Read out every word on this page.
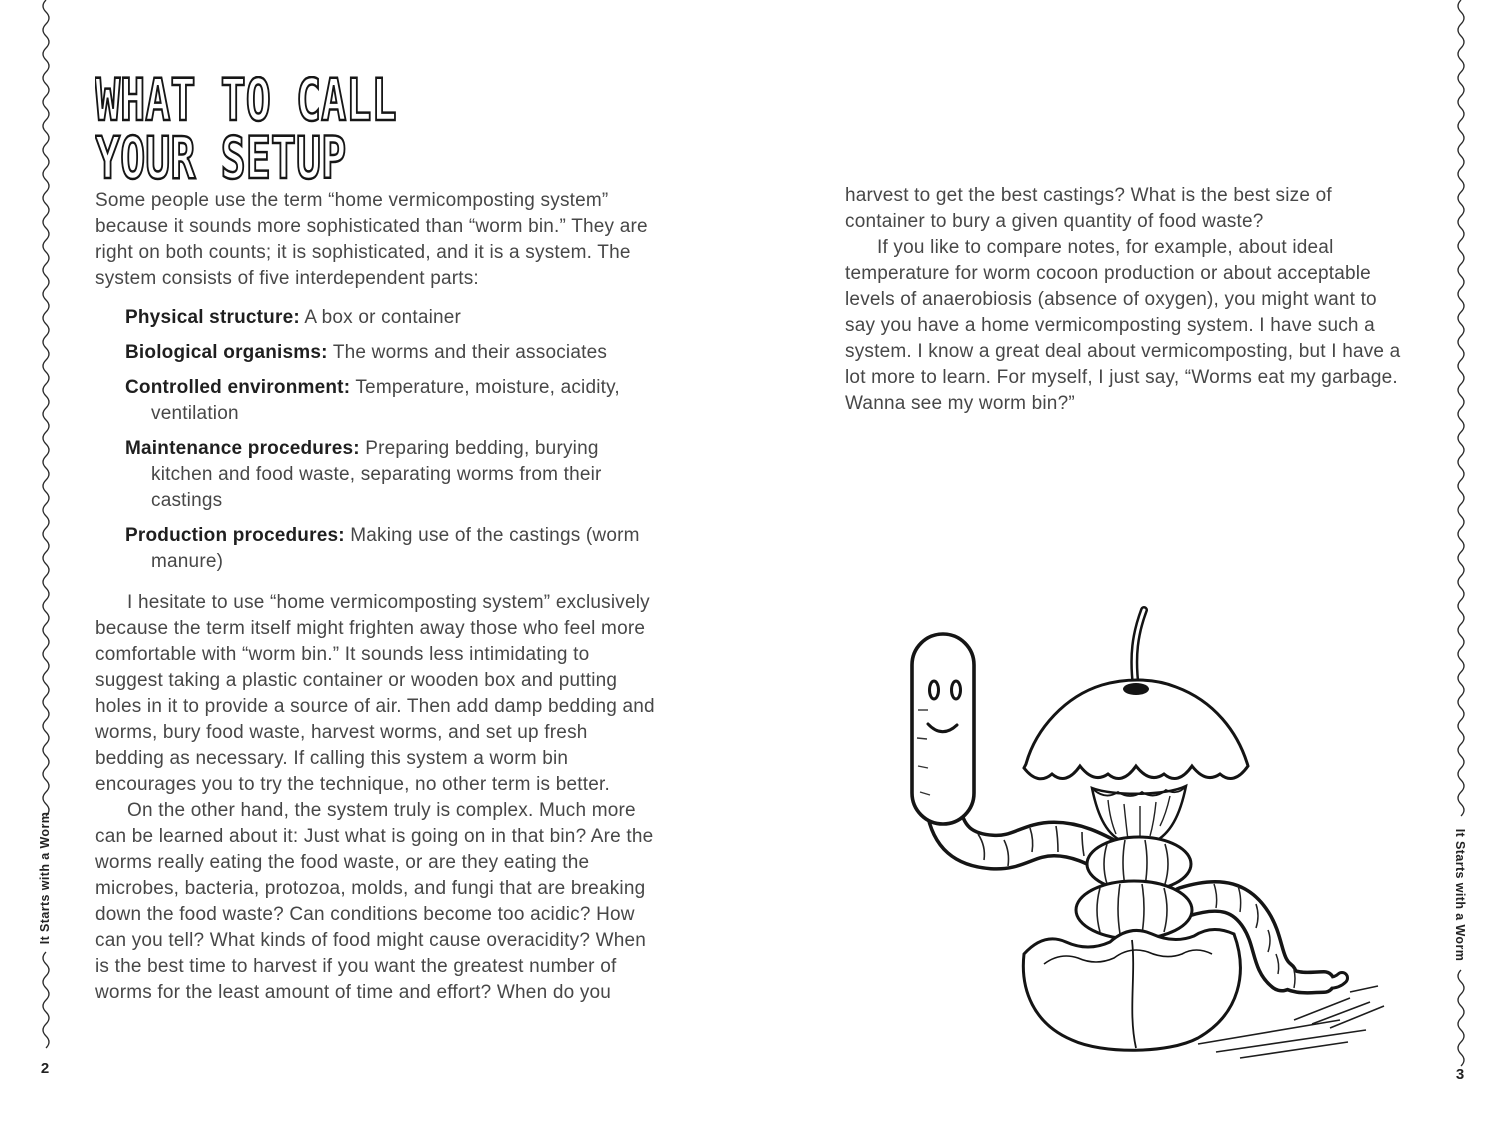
It Starts with a Worm
2
It Starts with a Worm
3
WHAT TO CALL
YOUR SETUP

Some people use the term “home vermicomposting system” because it sounds more sophisticated than “worm bin.” They are right on both counts; it is sophisticated, and it is a system. The system consists of five interdependent parts:

Physical structure: A box or container
Biological organisms: The worms and their associates
Controlled environment: Temperature, moisture, acidity, ventilation
Maintenance procedures: Preparing bedding, burying kitchen and food waste, separating worms from their castings
Production procedures: Making use of the castings (worm manure)

I hesitate to use “home vermicomposting system” exclusively because the term itself might frighten away those who feel more comfortable with “worm bin.” It sounds less intimidating to suggest taking a plastic container or wooden box and putting holes in it to provide a source of air. Then add damp bedding and worms, bury food waste, harvest worms, and set up fresh bedding as necessary. If calling this system a worm bin encourages you to try the technique, no other term is better.

On the other hand, the system truly is complex. Much more can be learned about it: Just what is going on in that bin? Are the worms really eating the food waste, or are they eating the microbes, bacteria, protozoa, molds, and fungi that are breaking down the food waste? Can conditions become too acidic? How can you tell? What kinds of food might cause overacidity? When is the best time to harvest if you want the greatest number of worms for the least amount of time and effort? When do you

harvest to get the best castings? What is the best size of container to bury a given quantity of food waste?

If you like to compare notes, for example, about ideal temperature for worm cocoon production or about acceptable levels of anaerobiosis (absence of oxygen), you might want to say you have a home vermicomposting system. I have such a system. I know a great deal about vermicomposting, but I have a lot more to learn. For myself, I just say, “Worms eat my garbage. Wanna see my worm bin?”
